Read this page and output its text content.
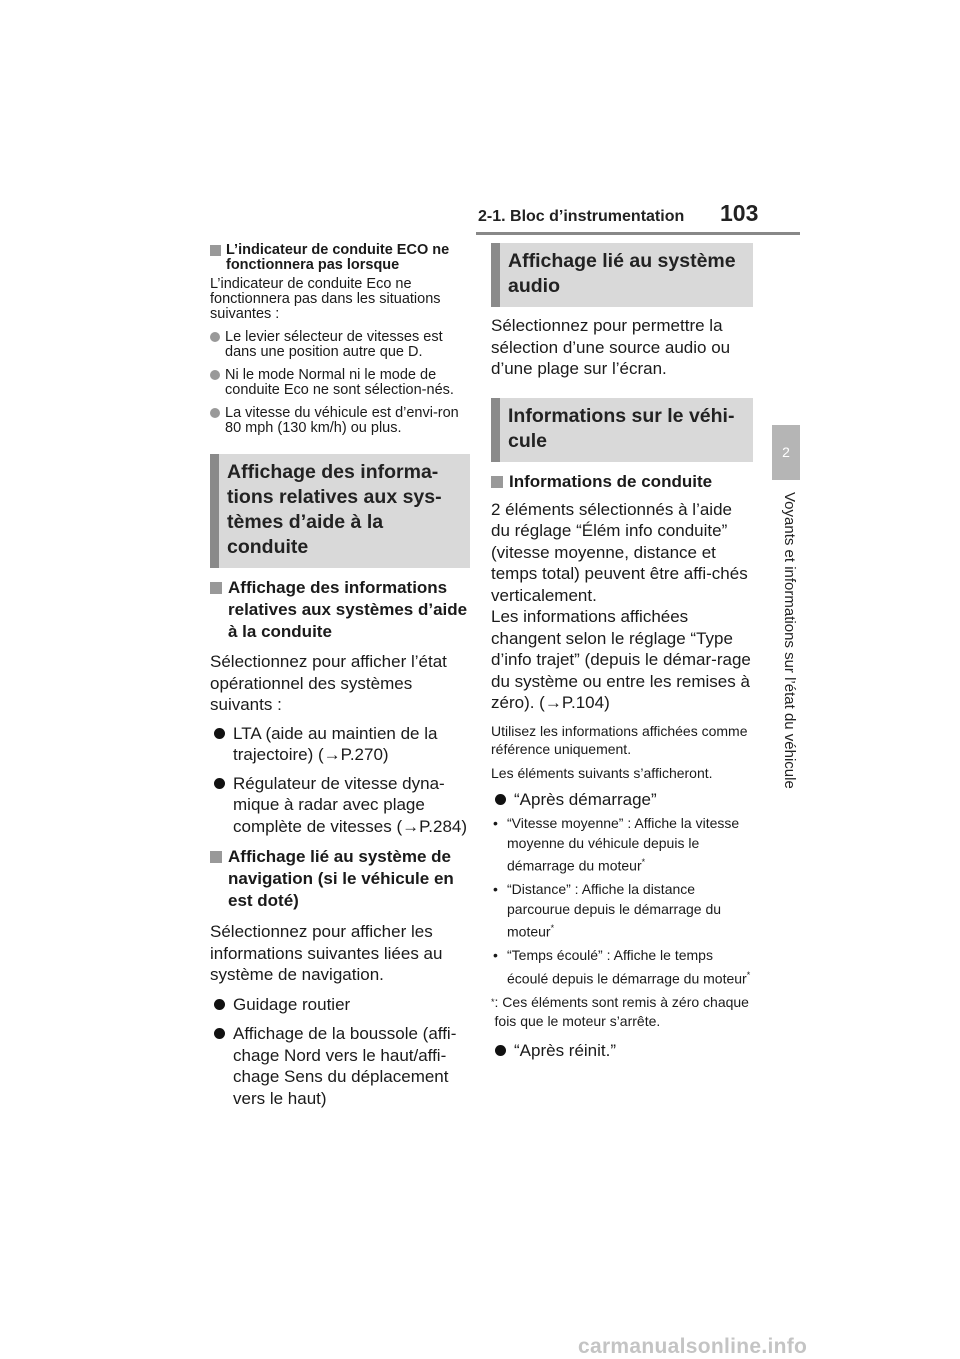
2-1. Bloc d’instrumentation 103
2
Voyants et informations sur l’état du véhicule
L’indicateur de conduite ECO ne fonctionnera pas lorsque

L’indicateur de conduite Eco ne fonctionnera pas dans les situations suivantes :

Le levier sélecteur de vitesses est dans une position autre que D.
Ni le mode Normal ni le mode de conduite Eco ne sont sélection-nés.
La vitesse du véhicule est d’envi-ron 80 mph (130 km/h) ou plus.
Affichage des informa-tions relatives aux sys-tèmes d’aide à la conduite
Affichage des informations relatives aux systèmes d’aide à la conduite

Sélectionnez pour afficher l’état opérationnel des systèmes suivants :

LTA (aide au maintien de la trajectoire) (→P.270)
Régulateur de vitesse dyna-mique à radar avec plage complète de vitesses (→P.284)
Affichage lié au système de navigation (si le véhicule en est doté)

Sélectionnez pour afficher les informations suivantes liées au système de navigation.

Guidage routier
Affichage de la boussole (affi-chage Nord vers le haut/affi-chage Sens du déplacement vers le haut)
Affichage lié au système audio

Sélectionnez pour permettre la sélection d’une source audio ou d’une plage sur l’écran.

Informations sur le véhi-cule
Informations de conduite

2 éléments sélectionnés à l’aide du réglage “Élém info conduite” (vitesse moyenne, distance et temps total) peuvent être affi-chés verticalement.

Les informations affichées changent selon le réglage “Type d’info trajet” (depuis le démar-rage du système ou entre les remises à zéro). (→P.104)

Utilisez les informations affichées comme référence uniquement.

Les éléments suivants s’afficheront.

“Après démarrage”
• “Vitesse moyenne” : Affiche la vitesse moyenne du véhicule depuis le démarrage du moteur*
• “Distance” : Affiche la distance parcourue depuis le démarrage du moteur*
• “Temps écoulé” : Affiche le temps écoulé depuis le démarrage du moteur*
* : Ces éléments sont remis à zéro chaque fois que le moteur s’arrête.
“Après réinit.”
carmanualsonline.info
